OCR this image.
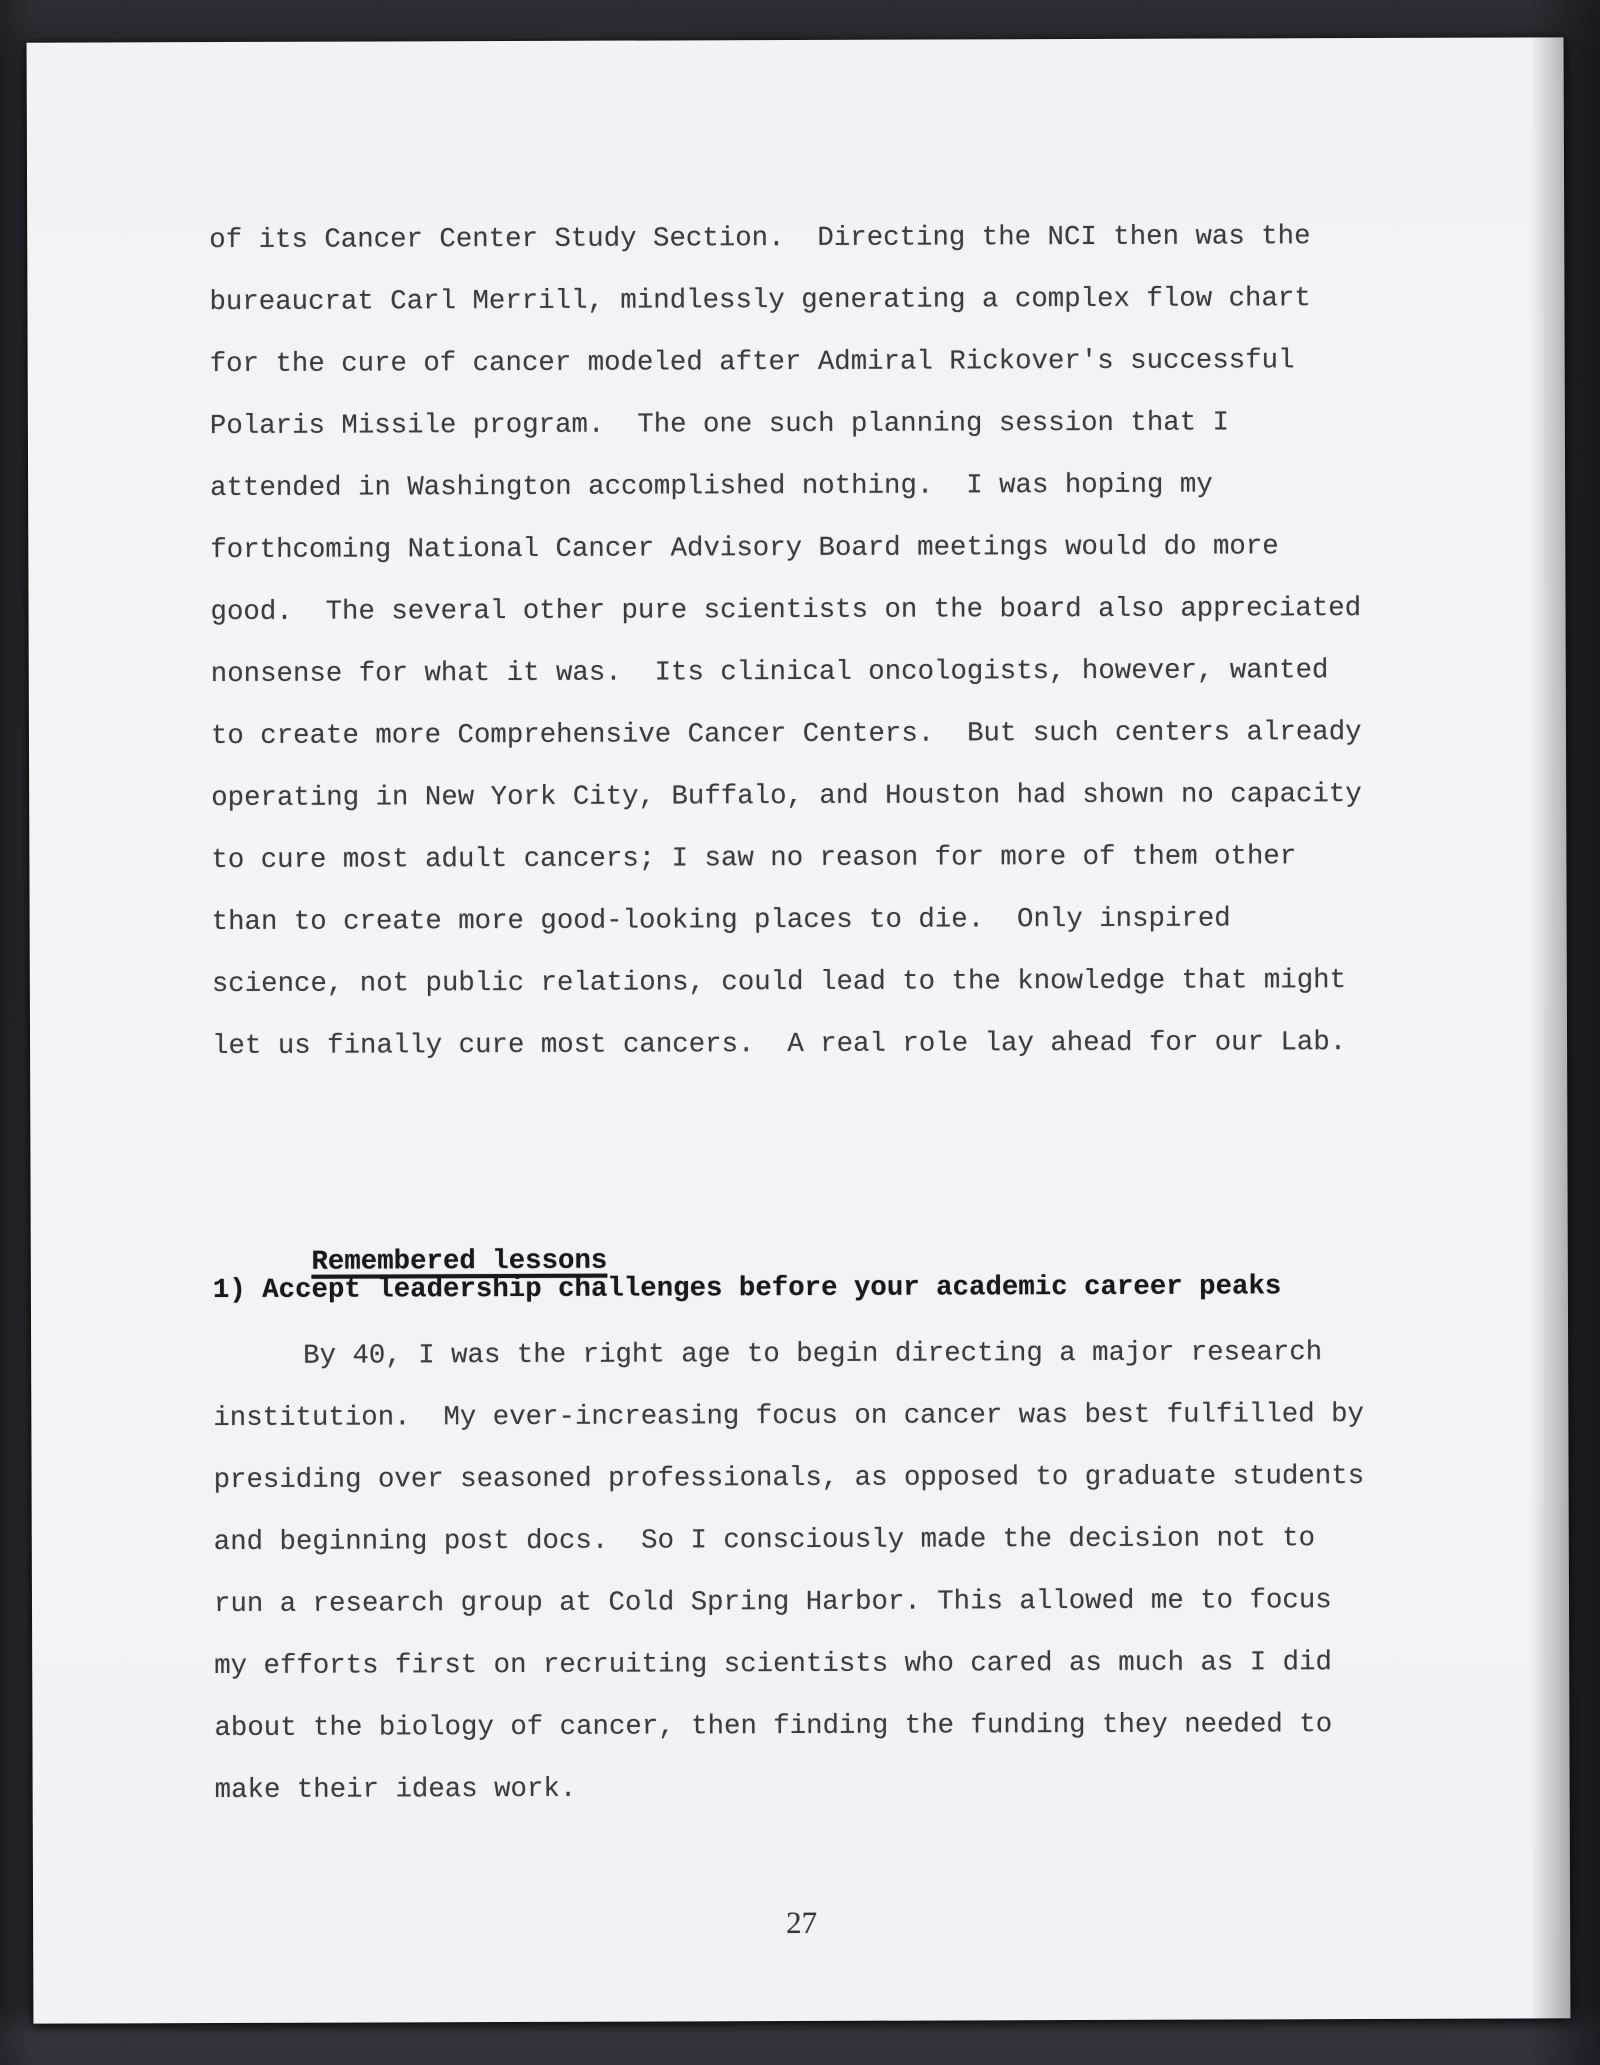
of its Cancer Center Study Section.  Directing the NCI then was the
bureaucrat Carl Merrill, mindlessly generating a complex flow chart
for the cure of cancer modeled after Admiral Rickover's successful
Polaris Missile program.  The one such planning session that I
attended in Washington accomplished nothing.  I was hoping my
forthcoming National Cancer Advisory Board meetings would do more
good.  The several other pure scientists on the board also appreciated
nonsense for what it was.  Its clinical oncologists, however, wanted
to create more Comprehensive Cancer Centers.  But such centers already
operating in New York City, Buffalo, and Houston had shown no capacity
to cure most adult cancers; I saw no reason for more of them other
than to create more good-looking places to die.  Only inspired
science, not public relations, could lead to the knowledge that might
let us finally cure most cancers.  A real role lay ahead for our Lab.

Remembered lessons

1) Accept leadership challenges before your academic career peaks
By 40, I was the right age to begin directing a major research
institution.  My ever-increasing focus on cancer was best fulfilled by
presiding over seasoned professionals, as opposed to graduate students
and beginning post docs.  So I consciously made the decision not to
run a research group at Cold Spring Harbor. This allowed me to focus
my efforts first on recruiting scientists who cared as much as I did
about the biology of cancer, then finding the funding they needed to
make their ideas work.
27
